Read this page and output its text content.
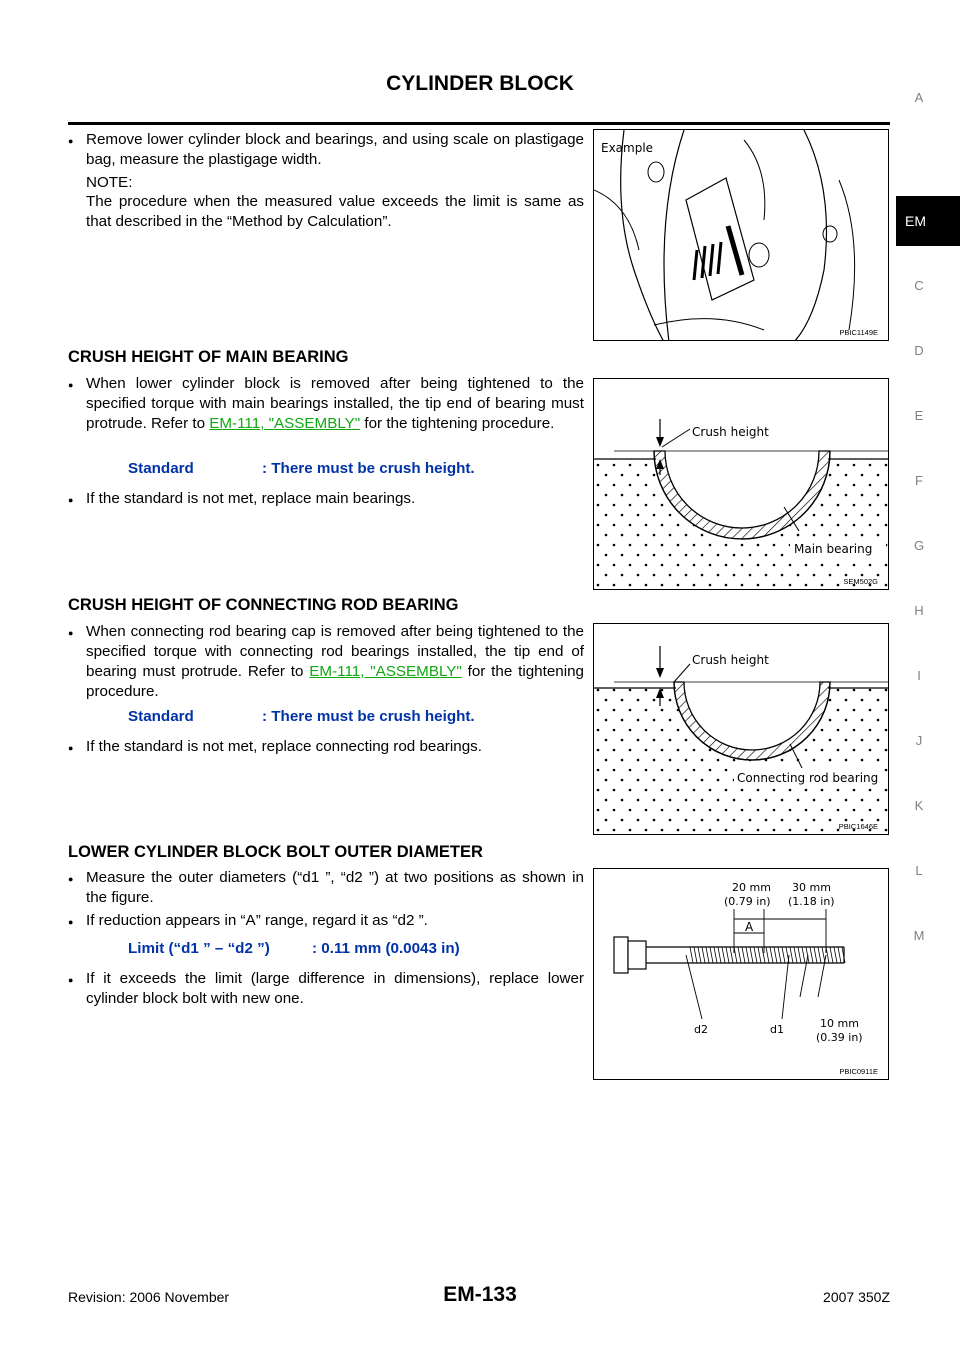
CYLINDER BLOCK
A
EM
C
D
E
F
G
H
I
J
K
L
M
● Remove lower cylinder block and bearings, and using scale on plastigage bag, measure the plastigage width.
NOTE:
The procedure when the measured value exceeds the limit is same as that described in the “Method by Calculation”.
Example
PBIC1149E
CRUSH HEIGHT OF MAIN BEARING
● When lower cylinder block is removed after being tightened to the specified torque with main bearings installed, the tip end of bearing must protrude. Refer to EM-111, "ASSEMBLY" for the tightening procedure.
Standard	: There must be crush height.
● If the standard is not met, replace main bearings.
Crush height
Main bearing
SEM502G
CRUSH HEIGHT OF CONNECTING ROD BEARING
● When connecting rod bearing cap is removed after being tightened to the specified torque with connecting rod bearings installed, the tip end of bearing must protrude. Refer to EM-111, "ASSEMBLY" for the tightening procedure.
Standard	: There must be crush height.
● If the standard is not met, replace connecting rod bearings.
Crush height
Connecting rod bearing
PBIC1646E
LOWER CYLINDER BLOCK BOLT OUTER DIAMETER
● Measure the outer diameters (“d1 ”, “d2 ”) at two positions as shown in the figure.
● If reduction appears in “A” range, regard it as “d2 ”.
Limit (“d1 ” – “d2 ”)	: 0.11 mm (0.0043 in)
● If it exceeds the limit (large difference in dimensions), replace lower cylinder block bolt with new one.
20 mm
(0.79 in)
30 mm
(1.18 in)
A
d2	d1	10 mm
(0.39 in)
PBIC0911E
Revision: 2006 November	EM-133	2007 350Z
